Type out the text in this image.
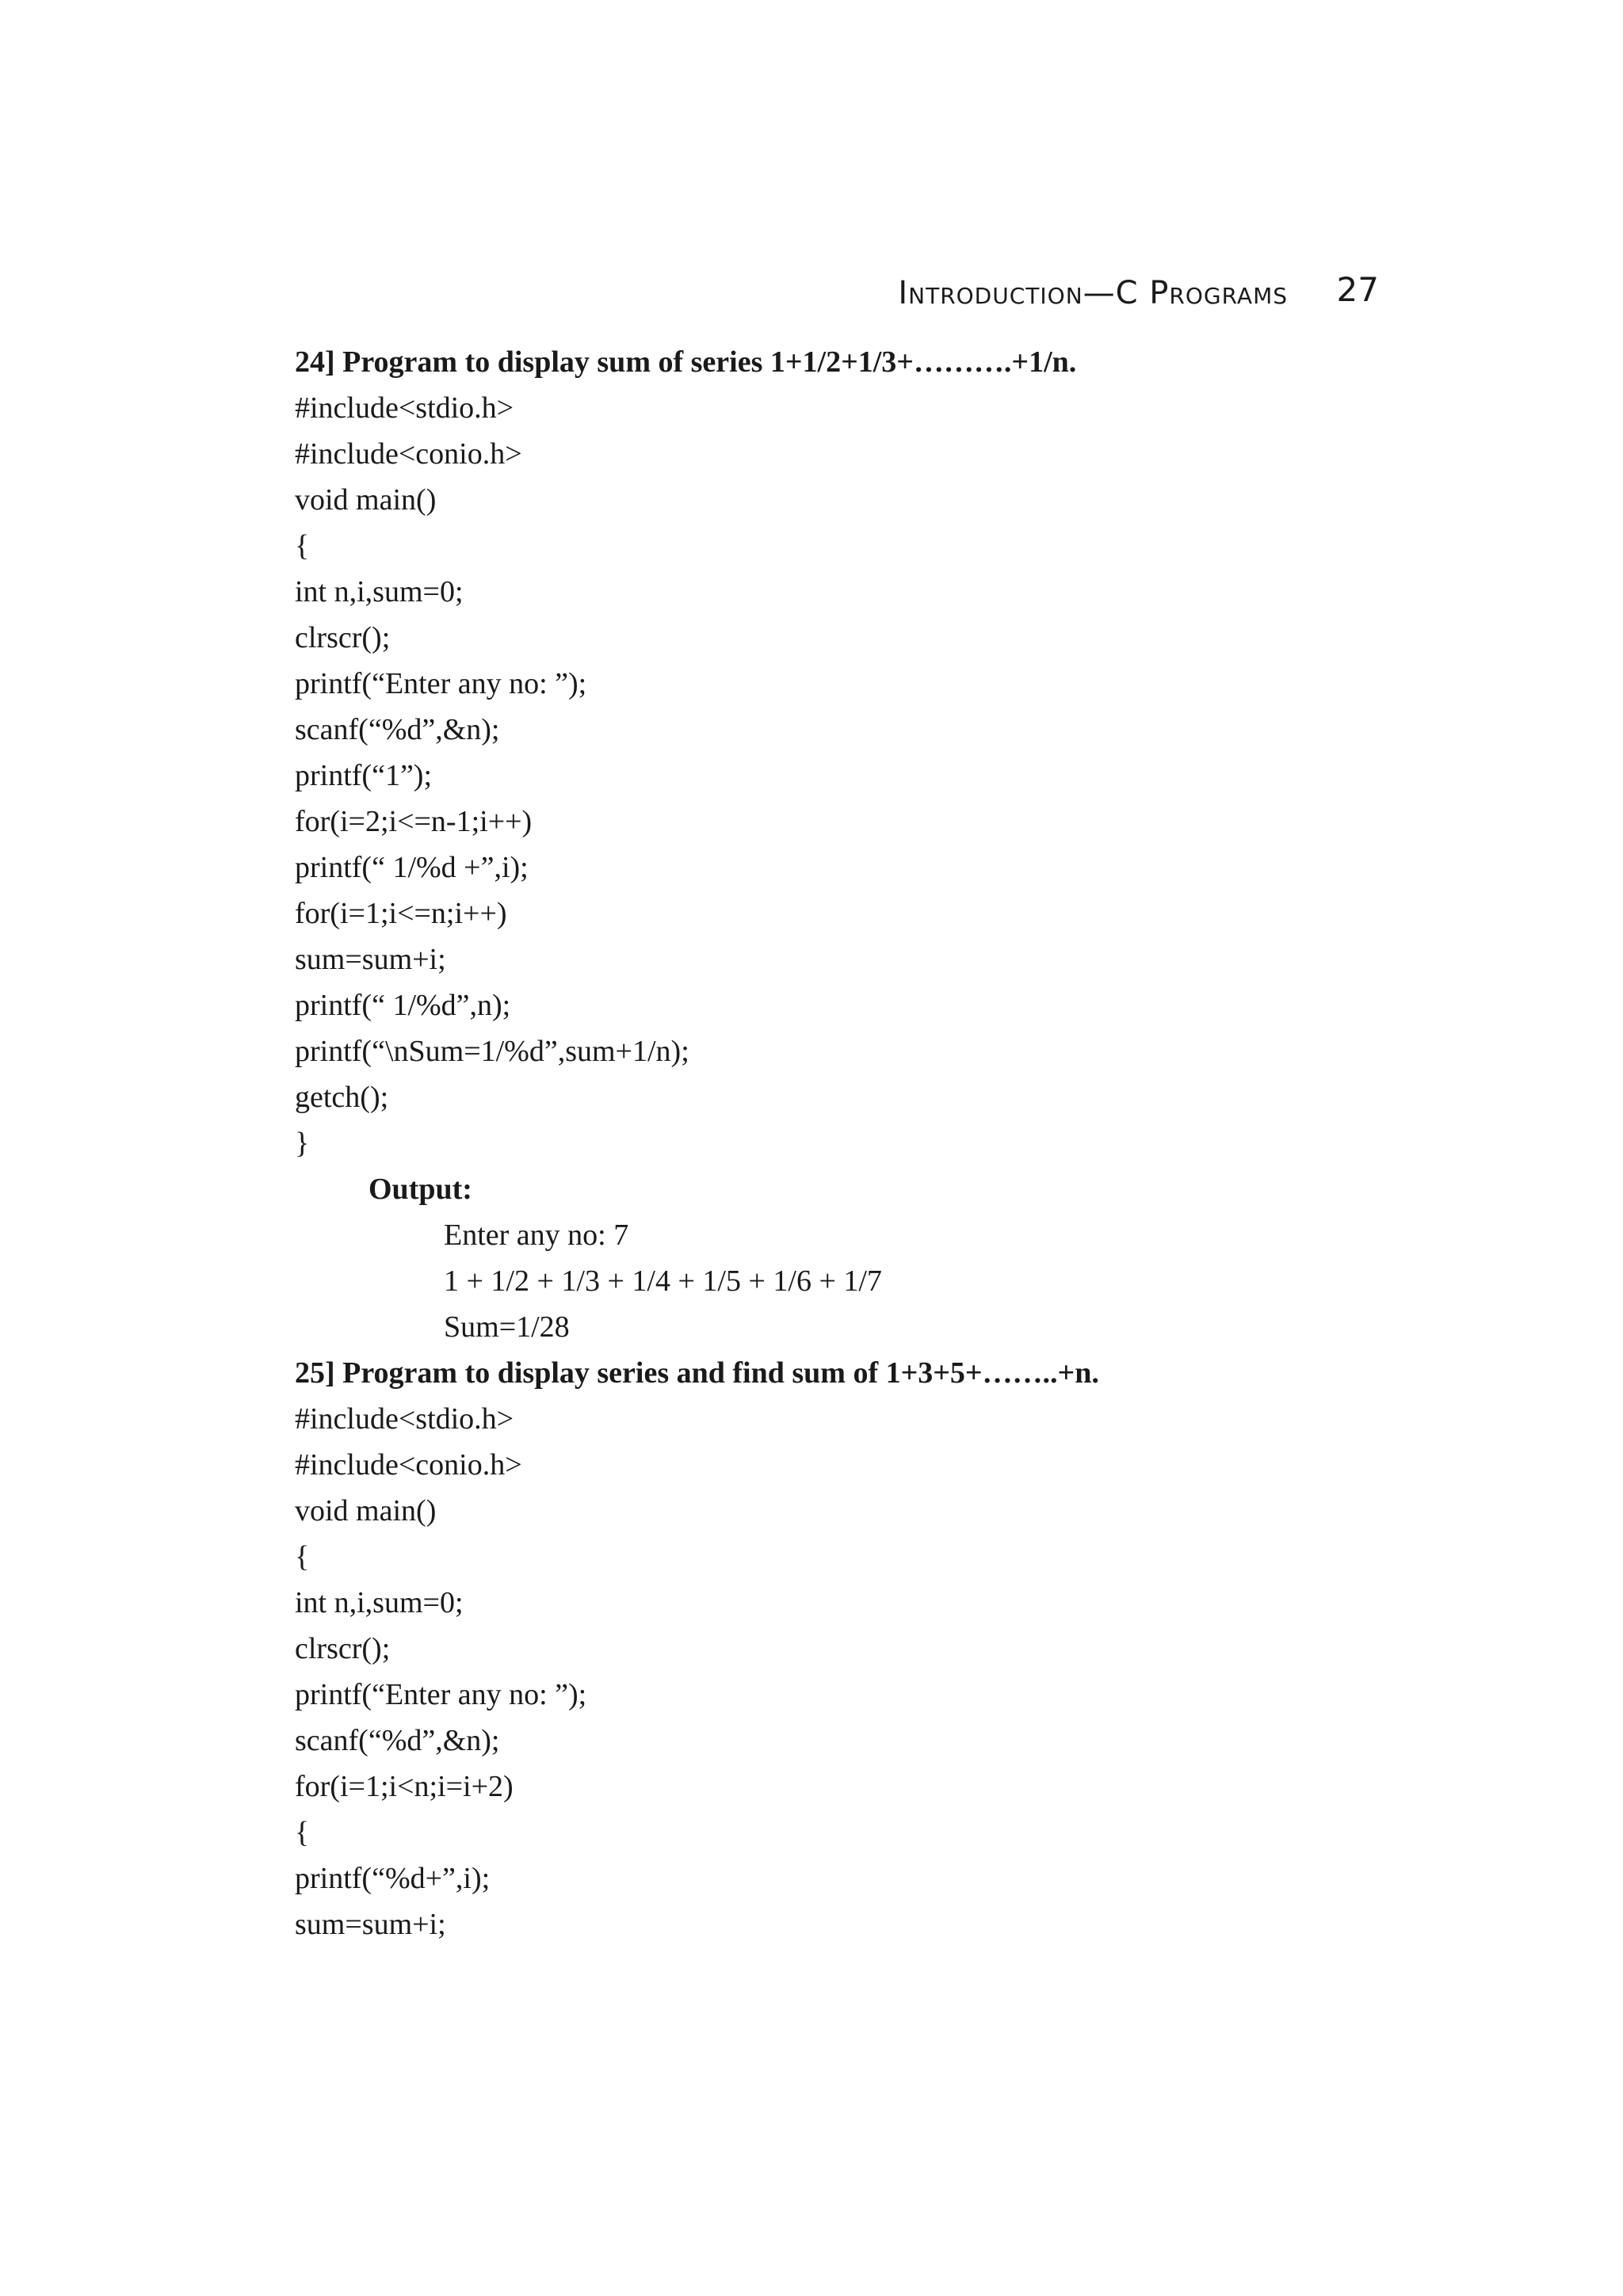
Introduction—C Programs 27
24] Program to display sum of series 1+1/2+1/3+……….+1/n.
#include<stdio.h>
#include<conio.h>
void main()
{
int n,i,sum=0;
clrscr();
printf(“Enter any no: ”);
scanf(“%d”,&n);
printf(“1”);
for(i=2;i<=n-1;i++)
printf(“ 1/%d +”,i);
for(i=1;i<=n;i++)
sum=sum+i;
printf(“ 1/%d”,n);
printf(“\nSum=1/%d”,sum+1/n);
getch();
}
Output:
Enter any no: 7
1 + 1/2 + 1/3 + 1/4 + 1/5 + 1/6 + 1/7
Sum=1/28
25] Program to display series and find sum of 1+3+5+……..+n.
#include<stdio.h>
#include<conio.h>
void main()
{
int n,i,sum=0;
clrscr();
printf(“Enter any no: ”);
scanf(“%d”,&n);
for(i=1;i<n;i=i+2)
{
printf(“%d+”,i);
sum=sum+i;
